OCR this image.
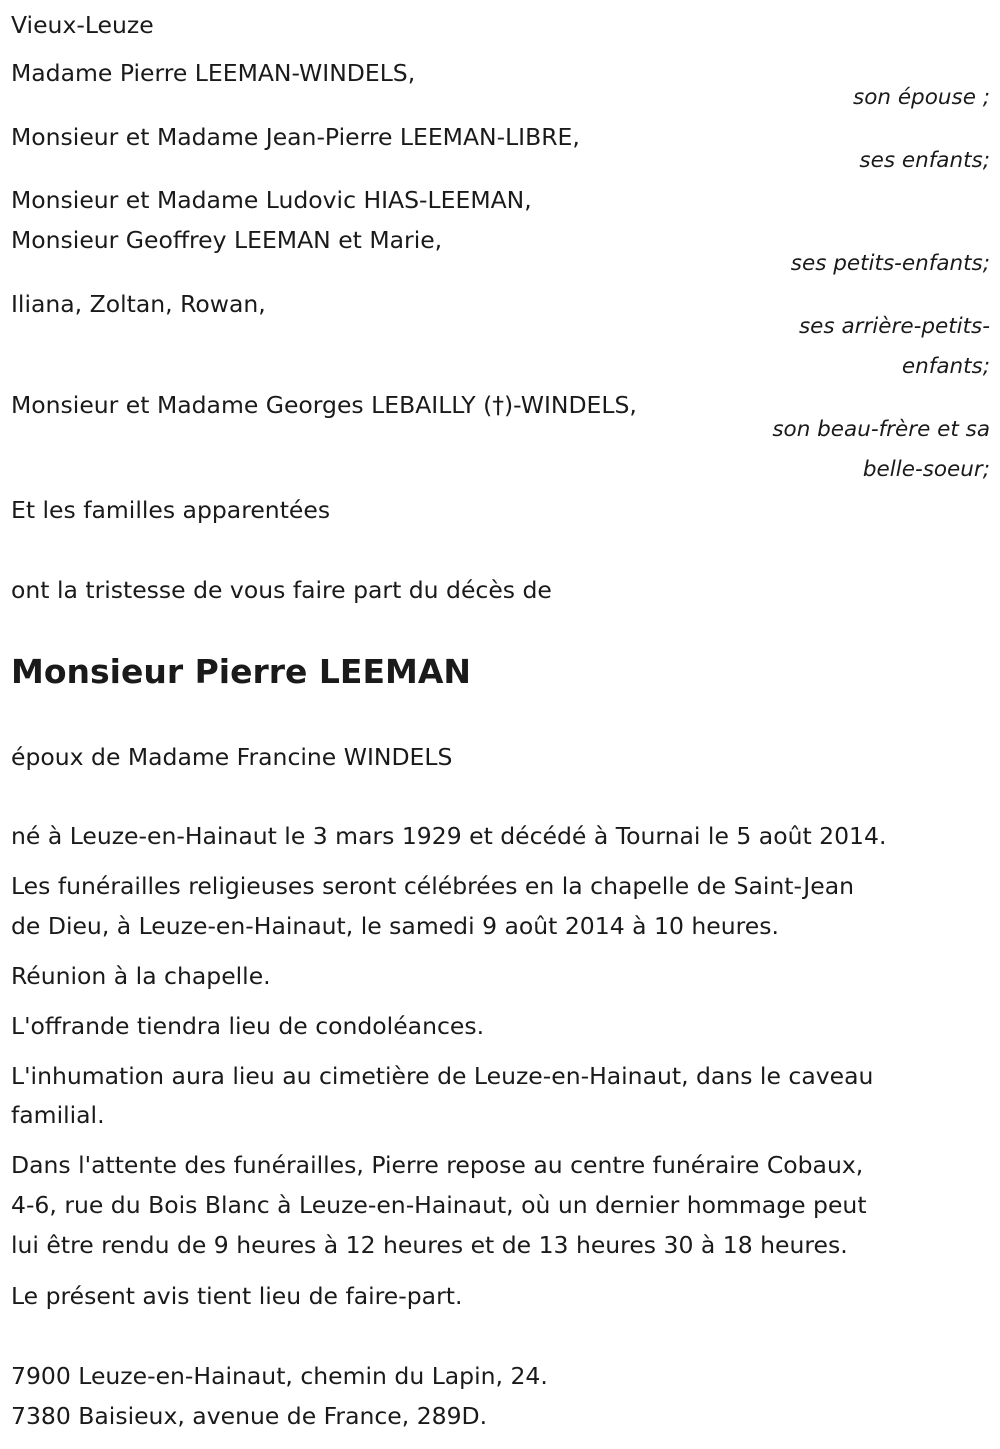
Vieux-Leuze
Madame Pierre LEEMAN-WINDELS,
son épouse ;
Monsieur et Madame Jean-Pierre LEEMAN-LIBRE,
ses enfants;
Monsieur et Madame Ludovic HIAS-LEEMAN,
Monsieur Geoffrey LEEMAN et Marie,
ses petits-enfants;
Iliana, Zoltan, Rowan,
ses arrière-petits-
enfants;
Monsieur et Madame Georges LEBAILLY (†)-WINDELS,
son beau-frère et sa
belle-soeur;
Et les familles apparentées
ont la tristesse de vous faire part du décès de
Monsieur Pierre LEEMAN
époux de Madame Francine WINDELS
né à Leuze-en-Hainaut le 3 mars 1929 et décédé à Tournai le 5 août 2014.
Les funérailles religieuses seront célébrées en la chapelle de Saint-Jean
de Dieu, à Leuze-en-Hainaut, le samedi 9 août 2014 à 10 heures.
Réunion à la chapelle.
L'offrande tiendra lieu de condoléances.
L'inhumation aura lieu au cimetière de Leuze-en-Hainaut, dans le caveau
familial.
Dans l'attente des funérailles, Pierre repose au centre funéraire Cobaux,
4-6, rue du Bois Blanc à Leuze-en-Hainaut, où un dernier hommage peut
lui être rendu de 9 heures à 12 heures et de 13 heures 30 à 18 heures.
Le présent avis tient lieu de faire-part.
7900 Leuze-en-Hainaut, chemin du Lapin, 24.
7380 Baisieux, avenue de France, 289D.
